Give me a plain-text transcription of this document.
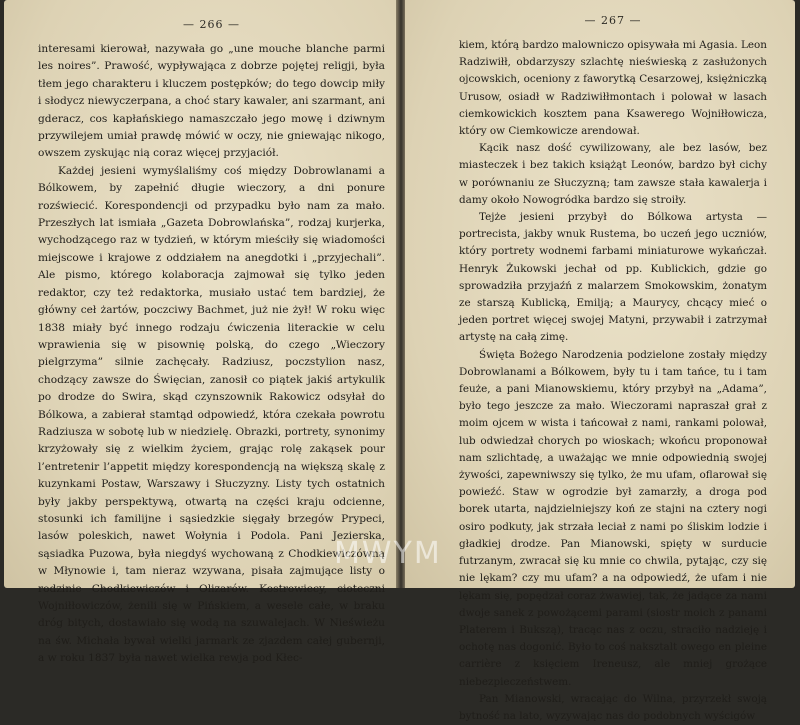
— 266 —

interesami kierował, nazywała go „une mouche blanche parmi les noires”. Prawość, wypływająca z dobrze pojętej religji, była tłem jego charakteru i kluczem postępków; do tego dowcip miły i słodycz niewyczerpana, a choć stary kawaler, ani szarmant, ani gderacz, cos kapłańskiego namaszczało jego mowę i dziwnym przywilejem umiał prawdę mówić w oczy, nie gniewając nikogo, owszem zyskując nią coraz więcej przyjaciół.

Każdej jesieni wymyślaliśmy coś między Dobrowlanami a Bólkowem, by zapełnić długie wieczory, a dni ponure rozświecić. Korespondencji od przypadku było nam za mało. Przeszłych lat ismiała „Gazeta Dobrowlańska”, rodzaj kurjerka, wychodzącego raz w tydzień, w którym mieściły się wiadomości miejscowe i krajowe z oddziałem na anegdotki i „przyjechali”. Ale pismo, którego kolaboracja zajmował się tylko jeden redaktor, czy też redaktorka, musiało ustać tem bardziej, że główny ceł żartów, poczciwy Bachmet, już nie żył! W roku więc 1838 miały być innego rodzaju ćwiczenia literackie w celu wprawienia się w pisownię polską, do czego „Wieczory pielgrzyma” silnie zachęcały. Radziusz, poczstylion nasz, chodzący zawsze do Święcian, zanosił co piątek jakiś artykulik po drodze do Swira, skąd czynszownik Rakowicz odsyłał do Bólkowa, a zabierał stamtąd odpowiedź, która czekała powrotu Radziusza w sobotę lub w niedzielę. Obrazki, portrety, synonimy krzyżowały się z wielkim życiem, grając rolę zakąsek pour l’entretenir l’appetit między korespondencją na większą skalę z kuzynkami Postaw, Warszawy i Słuczyzny. Listy tych ostatnich były jakby perspektywą, otwartą na części kraju odcienne, stosunki ich familijne i sąsiedzkie sięgały brzegów Prypeci, lasów poleskich, nawet Wołynia i Podola. Pani Jezierska, sąsiadka Puzowa, była niegdyś wychowaną z Chodkiewiczówną w Młynowie i, tam nieraz wzywana, pisała zajmujące listy o rodzinie Chodkiewiczów i Olizarów. Kostrowiecy, cioteczni Wojniłłowiczów, żenili się w Pińskiem, a wesele całe, w braku dróg bitych, dostawiało się wodą na szuwalejach. W Nieświeżu na św. Michała bywał wielki jarmark ze zjazdem całej gubernji, a w roku 1837 była nawet wielka rewja pod Kłec-

— 267 —

kiem, którą bardzo malowniczo opisywała mi Agasia. Leon Radziwiłł, obdarzyszy szlachtę nieświeską z zasłużonych ojcowskich, oceniony z faworytką Cesarzowej, księżniczką Urusow, osiadł w Radziwiłłmontach i polował w lasach ciemkowickich kosztem pana Ksawerego Wojniłłowicza, który ow Ciemkowicze arendował.

Kącik nasz dość cywilizowany, ale bez lasów, bez miasteczek i bez takich książąt Leonów, bardzo był cichy w porównaniu ze Słuczyzną; tam zawsze stała kawalerja i damy około Nowogródka bardzo się stroiły.

Tejże jesieni przybył do Bólkowa artysta — portrecista, jakby wnuk Rustema, bo uczeń jego uczniów, który portrety wodnemi farbami miniaturowe wykańczał. Henryk Żukowski jechał od pp. Kublickich, gdzie go sprowadziła przyjaźń z malarzem Smokowskim, żonatym ze starszą Kublicką, Emilją; a Maurycy, chcący mieć o jeden portret więcej swojej Matyni, przywabił i zatrzymał artystę na całą zimę.

Święta Bożego Narodzenia podzielone zostały między Dobrowlanami a Bólkowem, były tu i tam tańce, tu i tam feuże, a pani Mianowskiemu, który przybył na „Adama”, było tego jeszcze za mało. Wieczorami napraszał grał z moim ojcem w wista i tańcował z nami, rankami polował, lub odwiedzał chorych po wioskach; wkońcu proponował nam szlichtadę, a uważając we mnie odpowiednią swojej żywości, zapewniwszy się tylko, że mu ufam, oflarował się powieźć. Staw w ogrodzie był zamarzły, a droga pod borek utarta, najdzielniejszy koń ze stajni na cztery nogi osiro podkuty, jak strzała leciał z nami po śliskim lodzie i gładkiej drodze. Pan Mianowski, spięty w surducie futrzanym, zwracał się ku mnie co chwila, pytając, czy się nie lękam? czy mu ufam? a na odpowiedź, że ufam i nie lękam się, popędzał coraz żwawiej, tak, że jadące za nami dwoje sanek z powożącemi parami (siostr moich z panami Platerem i Bukszą), tracąc nas z oczu, straciło nadzieję i ochotę nas dogonić. Było to coś naksztalt owego en pleine carrière z księciem Ireneusz, ale mniej grożące niebezpieczeństwem.

Pan Mianowski, wracając do Wilna, przyrzekł swoją bytność na lato, wyzywając nas do podobnych wyścigów

MWYM
